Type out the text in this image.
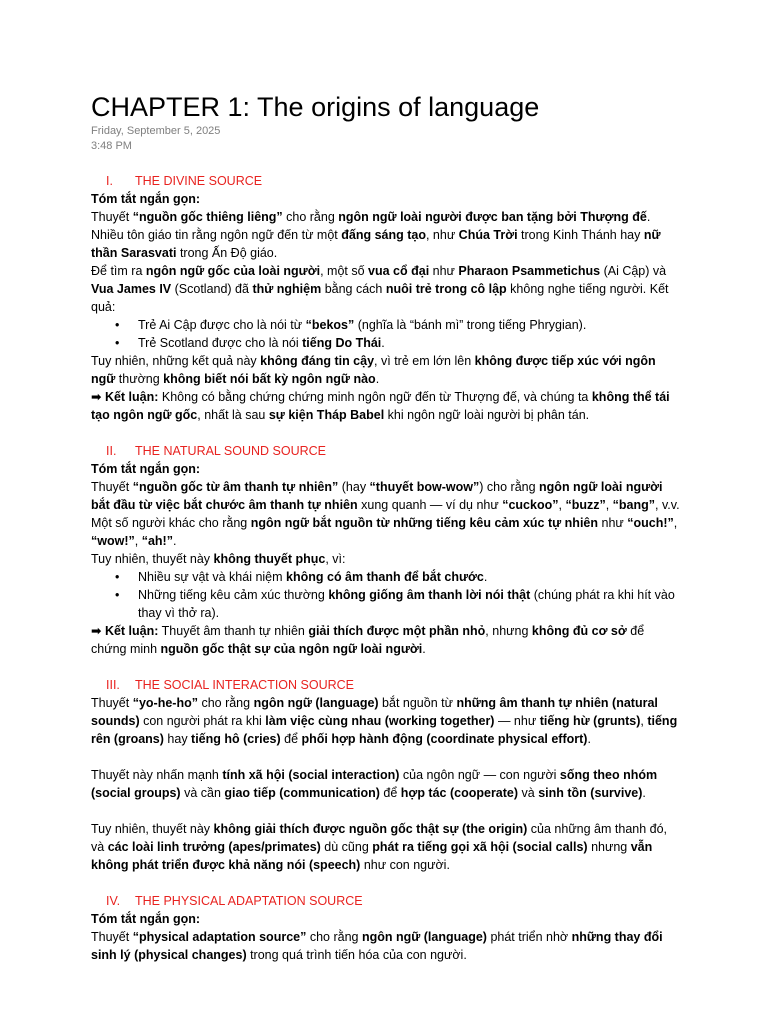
CHAPTER 1: The origins of language
Friday, September 5, 2025
3:48 PM
I. THE DIVINE SOURCE
Tóm tắt ngắn gọn:
Thuyết “nguồn gốc thiêng liêng” cho rằng ngôn ngữ loài người được ban tặng bởi Thượng đế.
Nhiều tôn giáo tin rằng ngôn ngữ đến từ một đấng sáng tạo, như Chúa Trời trong Kinh Thánh hay nữ thần Sarasvati trong Ấn Độ giáo.
Để tìm ra ngôn ngữ gốc của loài người, một số vua cổ đại như Pharaon Psammetichus (Ai Cập) và Vua James IV (Scotland) đã thử nghiệm bằng cách nuôi trẻ trong cô lập không nghe tiếng người. Kết quả:
• Trẻ Ai Cập được cho là nói từ “bekos” (nghĩa là “bánh mì” trong tiếng Phrygian).
• Trẻ Scotland được cho là nói tiếng Do Thái.
Tuy nhiên, những kết quả này không đáng tin cậy, vì trẻ em lớn lên không được tiếp xúc với ngôn ngữ thường không biết nói bất kỳ ngôn ngữ nào.
➡ Kết luận: Không có bằng chứng chứng minh ngôn ngữ đến từ Thượng đế, và chúng ta không thể tái tạo ngôn ngữ gốc, nhất là sau sự kiện Tháp Babel khi ngôn ngữ loài người bị phân tán.
II. THE NATURAL SOUND SOURCE
Tóm tắt ngắn gọn:
Thuyết “nguồn gốc từ âm thanh tự nhiên” (hay “thuyết bow-wow”) cho rằng ngôn ngữ loài người bắt đầu từ việc bắt chước âm thanh tự nhiên xung quanh — ví dụ như “cuckoo”, “buzz”, “bang”, v.v.
Một số người khác cho rằng ngôn ngữ bắt nguồn từ những tiếng kêu cảm xúc tự nhiên như “ouch!”, “wow!”, “ah!”.
Tuy nhiên, thuyết này không thuyết phục, vì:
• Nhiều sự vật và khái niệm không có âm thanh để bắt chước.
• Những tiếng kêu cảm xúc thường không giống âm thanh lời nói thật (chúng phát ra khi hít vào thay vì thở ra).
➡ Kết luận: Thuyết âm thanh tự nhiên giải thích được một phần nhỏ, nhưng không đủ cơ sở để chứng minh nguồn gốc thật sự của ngôn ngữ loài người.
III. THE SOCIAL INTERACTION SOURCE
Thuyết “yo-he-ho” cho rằng ngôn ngữ (language) bắt nguồn từ những âm thanh tự nhiên (natural sounds) con người phát ra khi làm việc cùng nhau (working together) — như tiếng hừ (grunts), tiếng rên (groans) hay tiếng hô (cries) để phối hợp hành động (coordinate physical effort).
Thuyết này nhấn mạnh tính xã hội (social interaction) của ngôn ngữ — con người sống theo nhóm (social groups) và cần giao tiếp (communication) để hợp tác (cooperate) và sinh tồn (survive).
Tuy nhiên, thuyết này không giải thích được nguồn gốc thật sự (the origin) của những âm thanh đó, và các loài linh trưởng (apes/primates) dù cũng phát ra tiếng gọi xã hội (social calls) nhưng vẫn không phát triển được khả năng nói (speech) như con người.
IV. THE PHYSICAL ADAPTATION SOURCE
Tóm tắt ngắn gọn:
Thuyết “physical adaptation source” cho rằng ngôn ngữ (language) phát triển nhờ những thay đổi sinh lý (physical changes) trong quá trình tiến hóa của con người.
